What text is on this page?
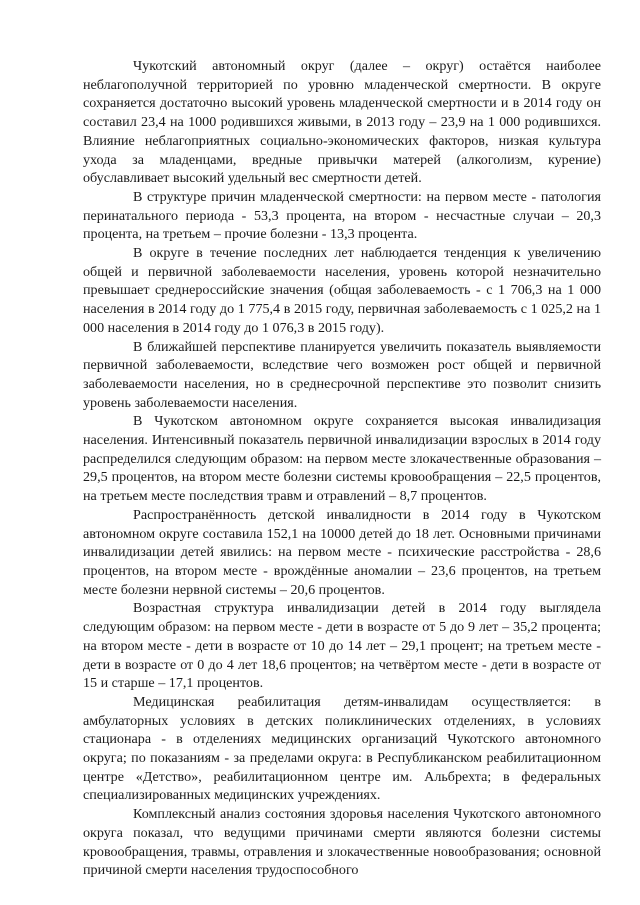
Чукотский автономный округ (далее – округ) остаётся наиболее неблагополучной территорией по уровню младенческой смертности. В округе сохраняется достаточно высокий уровень младенческой смертности и в 2014 году он составил 23,4 на 1000 родившихся живыми, в 2013 году – 23,9 на 1 000 родившихся. Влияние неблагоприятных социально-экономических факторов, низкая культура ухода за младенцами, вредные привычки матерей (алкоголизм, курение) обуславливает высокий удельный вес смертности детей.

В структуре причин младенческой смертности: на первом месте - патология перинатального периода - 53,3 процента, на втором - несчастные случаи – 20,3 процента, на третьем – прочие болезни - 13,3 процента.

В округе в течение последних лет наблюдается тенденция к увеличению общей и первичной заболеваемости населения, уровень которой незначительно превышает среднероссийские значения (общая заболеваемость - с 1 706,3 на 1 000 населения в 2014 году до 1 775,4 в 2015 году, первичная заболеваемость с 1 025,2 на 1 000 населения в 2014 году до 1 076,3 в 2015 году).

В ближайшей перспективе планируется увеличить показатель выявляемости первичной заболеваемости, вследствие чего возможен рост общей и первичной заболеваемости населения, но в среднесрочной перспективе это позволит снизить уровень заболеваемости населения.

В Чукотском автономном округе сохраняется высокая инвалидизация населения. Интенсивный показатель первичной инвалидизации взрослых в 2014 году распределился следующим образом: на первом месте злокачественные образования – 29,5 процентов, на втором месте болезни системы кровообращения – 22,5 процентов, на третьем месте последствия травм и отравлений – 8,7 процентов.

Распространённость детской инвалидности в 2014 году в Чукотском автономном округе составила 152,1 на 10000 детей до 18 лет. Основными причинами инвалидизации детей явились: на первом месте - психические расстройства - 28,6 процентов, на втором месте - врождённые аномалии – 23,6 процентов, на третьем месте болезни нервной системы – 20,6 процентов.

Возрастная структура инвалидизации детей в 2014 году выглядела следующим образом: на первом месте - дети в возрасте от 5 до 9 лет – 35,2 процента; на втором месте - дети в возрасте от 10 до 14 лет – 29,1 процент; на третьем месте - дети в возрасте от 0 до 4 лет 18,6 процентов; на четвёртом месте - дети в возрасте от 15 и старше – 17,1 процентов.

Медицинская реабилитация детям-инвалидам осуществляется: в амбулаторных условиях в детских поликлинических отделениях, в условиях стационара - в отделениях медицинских организаций Чукотского автономного округа; по показаниям - за пределами округа: в Республиканском реабилитационном центре «Детство», реабилитационном центре им. Альбрехта; в федеральных специализированных медицинских учреждениях.

Комплексный анализ состояния здоровья населения Чукотского автономного округа показал, что ведущими причинами смерти являются болезни системы кровообращения, травмы, отравления и злокачественные новообразования; основной причиной смерти населения трудоспособного
